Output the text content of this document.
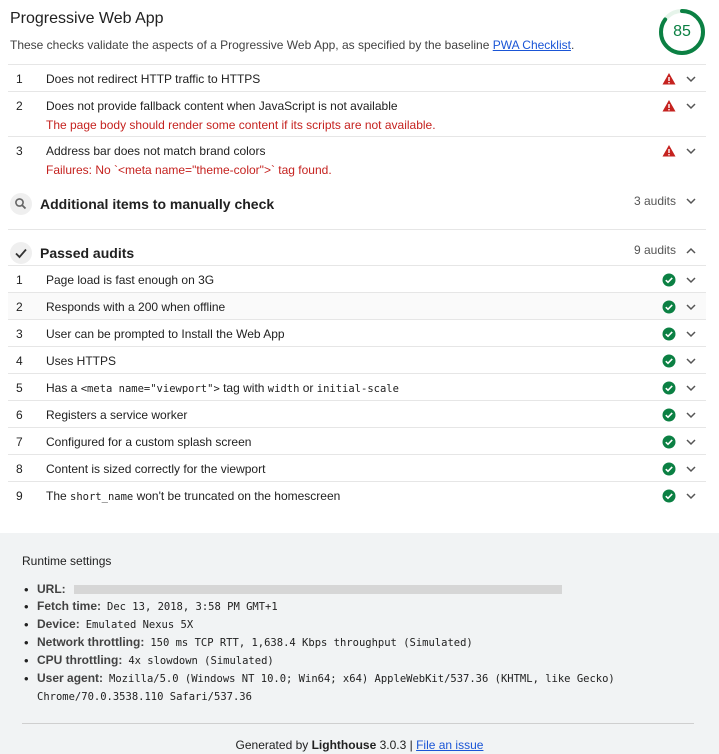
Progressive Web App
These checks validate the aspects of a Progressive Web App, as specified by the baseline PWA Checklist.
85
1	Does not redirect HTTP traffic to HTTPS
2	Does not provide fallback content when JavaScript is not available
The page body should render some content if its scripts are not available.
3	Address bar does not match brand colors
Failures: No `<meta name="theme-color">` tag found.
Additional items to manually check	3 audits
Passed audits	9 audits
1	Page load is fast enough on 3G
2	Responds with a 200 when offline
3	User can be prompted to Install the Web App
4	Uses HTTPS
5	Has a <meta name="viewport"> tag with width or initial-scale
6	Registers a service worker
7	Configured for a custom splash screen
8	Content is sized correctly for the viewport
9	The short_name won't be truncated on the homescreen
Runtime settings
• URL:
• Fetch time: Dec 13, 2018, 3:58 PM GMT+1
• Device: Emulated Nexus 5X
• Network throttling: 150 ms TCP RTT, 1,638.4 Kbps throughput (Simulated)
• CPU throttling: 4x slowdown (Simulated)
• User agent: Mozilla/5.0 (Windows NT 10.0; Win64; x64) AppleWebKit/537.36 (KHTML, like Gecko) Chrome/70.0.3538.110 Safari/537.36
Generated by Lighthouse 3.0.3 | File an issue
